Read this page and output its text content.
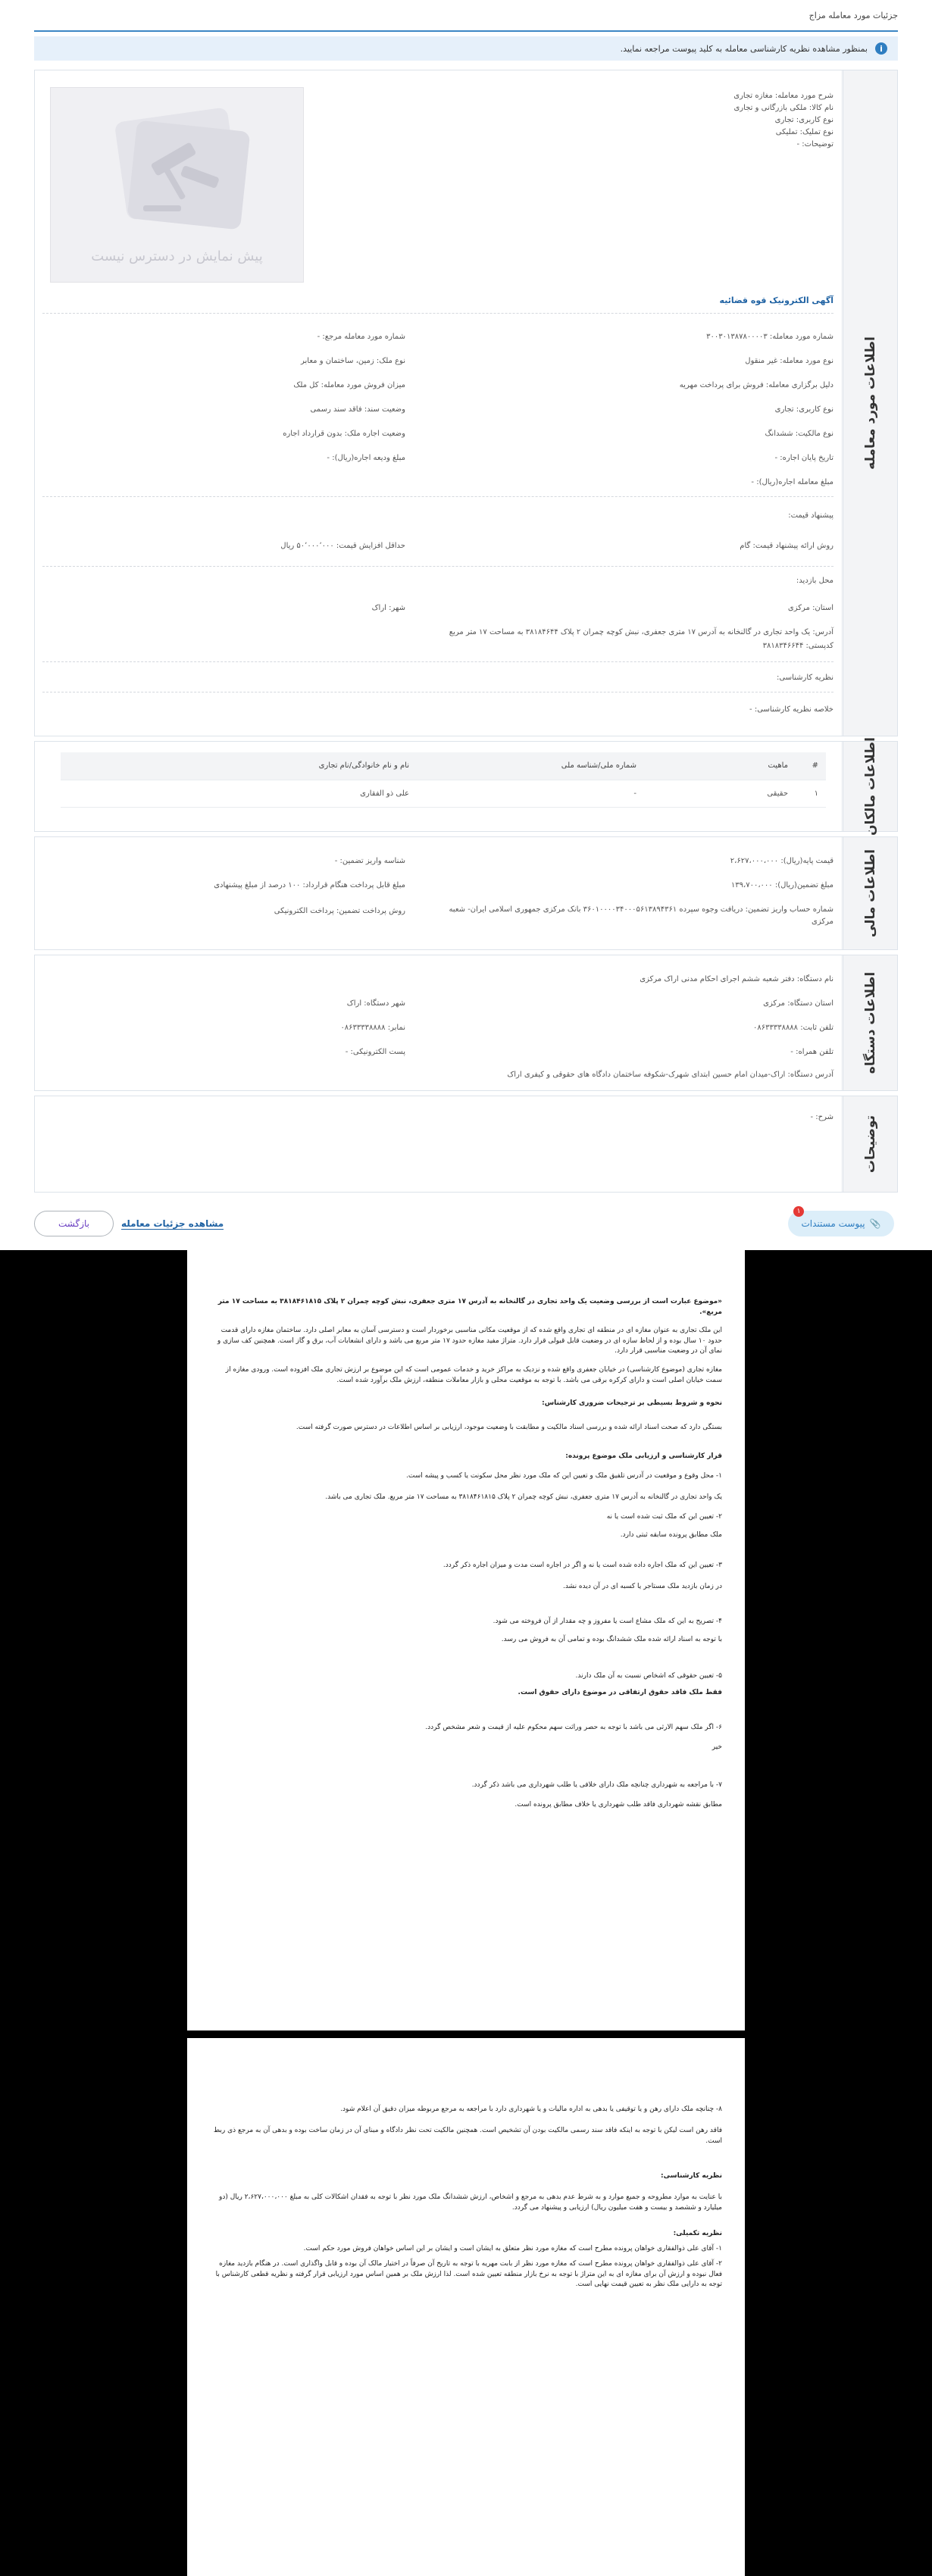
جزئیات مورد معامله مزاج
i
بمنظور مشاهده نظریه کارشناسی معامله به کلید پیوست مراجعه نمایید.
اطلاعات مورد معامله
شرح مورد معامله: مغازه تجاری
نام کالا: ملکی بازرگانی و تجاری
نوع کاربری: تجاری
نوع تملیک: تملیکی
توضیحات: -
پیش نمایش در دسترس نیست
آگهی الکترونیک قوه قضائیه
شماره مورد معامله: ۳۰۰۳۰۱۳۸۷۸۰۰۰۰۳
شماره مورد معامله مرجع: -
نوع مورد معامله: غیر منقول
نوع ملک: زمین، ساختمان و معابر
دلیل برگزاری معامله: فروش برای پرداخت مهریه
میزان فروش مورد معامله: کل ملک
نوع کاربری: تجاری
وضعیت سند: فاقد سند رسمی
نوع مالکیت: ششدانگ
وضعیت اجاره ملک: بدون قرارداد اجاره
تاریخ پایان اجاره: -
مبلغ ودیعه اجاره(ریال): -
مبلغ معامله اجاره(ریال): -
پیشنهاد قیمت:
روش ارائه پیشنهاد قیمت: گام
حداقل افزایش قیمت: ۵۰٬۰۰۰٬۰۰۰ ریال
محل بازدید:
استان: مرکزی
شهر: اراک
آدرس: یک واحد تجاری در گالنخانه به آدرس ۱۷ متری جعفری، نبش کوچه چمران ۲ پلاک ۳۸۱۸۴۶۴۴ به مساحت ۱۷ متر مربع
کدپستی: ۳۸۱۸۳۴۶۶۴۴
نظریه کارشناسی:
خلاصه نظریه کارشناسی: -
اطلاعات مالکان
#	ماهیت	شماره ملی/شناسه ملی	نام و نام خانوادگی/نام تجاری
۱	حقیقی	-	علی ذو الفقاری
اطلاعات مالی
قیمت پایه(ریال): ۲،۶۲۷،۰۰۰،۰۰۰
شناسه واریز تضمین: -
مبلغ تضمین(ریال): ۱۳۹،۷۰۰،۰۰۰
مبلغ قابل پرداخت هنگام قرارداد: ۱۰۰ درصد از مبلغ پیشنهادی
شماره حساب واریز تضمین: دریافت وجوه سپرده ۳۶۰۱۰۰۰۰۳۴۰۰۰۵۶۱۳۸۹۴۳۶۱ بانک مرکزی جمهوری اسلامی ایران- شعبه مرکزی
روش پرداخت تضمین: پرداخت الکترونیکی
اطلاعات دستگاه
نام دستگاه: دفتر شعبه ششم اجرای احکام مدنی اراک مرکزی
استان دستگاه: مرکزی
شهر دستگاه: اراک
تلفن ثابت: ۰۸۶۳۳۳۳۸۸۸۸
نمابر: ۰۸۶۳۳۳۳۸۸۸۸
تلفن همراه: -
پست الکترونیکی: -
آدرس دستگاه: اراک-میدان امام حسین ابتدای شهرک-شکوفه ساختمان دادگاه های حقوقی و کیفری اراک
توضیحات
شرح: -
۱
📎
پیوست مستندات
مشاهده جزئیات معامله
بازگشت
«موضوع عبارت است از بررسی وضعیت یک واحد تجاری در گالنخانه به آدرس ۱۷ متری جعفری، نبش کوچه چمران ۲ پلاک ۳۸۱۸۴۶۱۸۱۵ به مساحت ۱۷ متر مربع».
این ملک تجاری به عنوان مغازه ای در منطقه ای تجاری واقع شده که از موقعیت مکانی مناسبی برخوردار است و دسترسی آسان به معابر اصلی دارد. ساختمان مغازه دارای قدمت حدود ۱۰ سال بوده و از لحاظ سازه ای در وضعیت قابل قبولی قرار دارد. متراژ مفید مغازه حدود ۱۷ متر مربع می باشد و دارای انشعابات آب، برق و گاز است. همچنین کف سازی و نمای آن در وضعیت مناسبی قرار دارد.
مغازه تجاری (موضوع کارشناسی) در خیابان جعفری واقع شده و نزدیک به مراکز خرید و خدمات عمومی است که این موضوع بر ارزش تجاری ملک افزوده است. ورودی مغازه از سمت خیابان اصلی است و دارای کرکره برقی می باشد. با توجه به موقعیت محلی و بازار معاملات منطقه، ارزش ملک برآورد شده است.
نحوه و شروط بسیطی بر ترجیحات ضروری کارشناس:
بستگی دارد که صحت اسناد ارائه شده و بررسی اسناد مالکیت و مطابقت با وضعیت موجود، ارزیابی بر اساس اطلاعات در دسترس صورت گرفته است.
قرار کارشناسی و ارزیابی ملک موضوع پرونده:
۱- محل وقوع و موقعیت در آدرس تلفیق ملک و تعیین این که ملک مورد نظر محل سکونت یا کسب و پیشه است.
یک واحد تجاری در گالنخانه به آدرس ۱۷ متری جعفری، نبش کوچه چمران ۲ پلاک ۳۸۱۸۴۶۱۸۱۵ به مساحت ۱۷ متر مربع. ملک تجاری می باشد.
۲- تعیین این که ملک ثبت شده است یا نه
ملک مطابق پرونده سابقه ثبتی دارد.
۳- تعیین این که ملک اجاره داده شده است یا نه و اگر در اجاره است مدت و میزان اجاره ذکر گردد.
در زمان بازدید ملک مستاجر یا کسبه ای در آن دیده نشد.
۴- تصریح به این که ملک مشاع است یا مفروز و چه مقدار از آن فروخته می شود.
با توجه به اسناد ارائه شده ملک ششدانگ بوده و تمامی آن به فروش می رسد.
۵- تعیین حقوقی که اشخاص نسبت به آن ملک دارند.
فقط ملک فاقد حقوق ارتفاقی در موضوع دارای حقوق است.
۶- اگر ملک سهم الارثی می باشد با توجه به حصر وراثت سهم محکوم علیه از قیمت و شعر مشخص گردد.
خیر
۷- با مراجعه به شهرداری چنانچه ملک دارای خلافی یا طلب شهرداری می باشد ذکر گردد.
مطابق نقشه شهرداری فاقد طلب شهرداری یا خلاف مطابق پرونده است.
۸- چنانچه ملک دارای رهن و یا توقیفی یا بدهی به اداره مالیات و یا شهرداری دارد با مراجعه به مرجع مربوطه میزان دقیق آن اعلام شود.
فاقد رهن است لیکن با توجه به اینکه فاقد سند رسمی مالکیت بودن آن تشخیص است. همچنین مالکیت تحت نظر دادگاه و مبنای آن در زمان ساخت بوده و بدهی آن به مرجع ذی ربط است.
نظریه کارشناسی:
با عنایت به موارد مطروحه و جمیع موارد و به شرط عدم بدهی به مرجع و اشخاص، ارزش ششدانگ ملک مورد نظر با توجه به فقدان اشکالات کلی به مبلغ ۲،۶۲۷،۰۰۰،۰۰۰ ریال (دو میلیارد و ششصد و بیست و هفت میلیون ریال) ارزیابی و پیشنهاد می گردد.
نظریه تکمیلی:
۱- آقای علی ذوالفقاری خواهان پرونده مطرح است که مغازه مورد نظر متعلق به ایشان است و ایشان بر این اساس خواهان فروش مورد حکم است.
۲- آقای علی ذوالفقاری خواهان پرونده مطرح است که مغازه مورد نظر از بابت مهریه با توجه به تاریخ آن صرفاً در اختیار مالک آن بوده و قابل واگذاری است. در هنگام بازدید مغازه فعال نبوده و ارزش آن برای مغازه ای به این متراژ با توجه به نرخ بازار منطقه تعیین شده است. لذا ارزش ملک بر همین اساس مورد ارزیابی قرار گرفته و نظریه قطعی کارشناس با توجه به دارایی ملک نظر به تعیین قیمت نهایی است.
